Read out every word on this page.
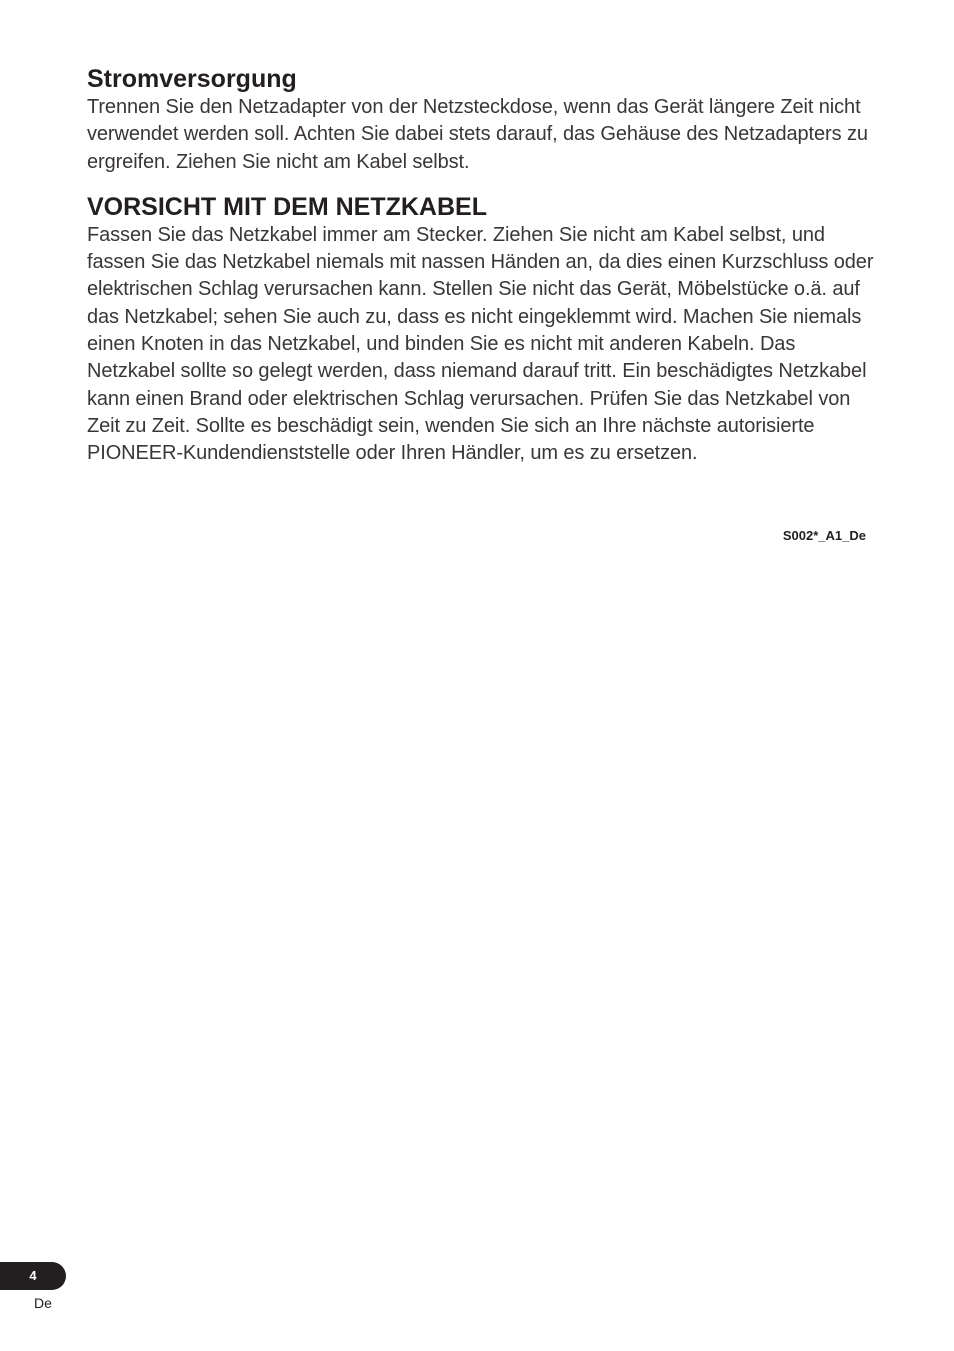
Stromversorgung

Trennen Sie den Netzadapter von der Netzsteckdose, wenn das Gerät längere Zeit nicht verwendet werden soll. Achten Sie dabei stets darauf, das Gehäuse des Netzadapters zu ergreifen. Ziehen Sie nicht am Kabel selbst.

VORSICHT MIT DEM NETZKABEL

Fassen Sie das Netzkabel immer am Stecker. Ziehen Sie nicht am Kabel selbst, und fassen Sie das Netzkabel niemals mit nassen Händen an, da dies einen Kurzschluss oder elektrischen Schlag verursachen kann. Stellen Sie nicht das Gerät, Möbelstücke o.ä. auf das Netzkabel; sehen Sie auch zu, dass es nicht eingeklemmt wird. Machen Sie niemals einen Knoten in das Netzkabel, und binden Sie es nicht mit anderen Kabeln. Das Netzkabel sollte so gelegt werden, dass niemand darauf tritt. Ein beschädigtes Netzkabel kann einen Brand oder elektrischen Schlag verursachen. Prüfen Sie das Netzkabel von Zeit zu Zeit. Sollte es beschädigt sein, wenden Sie sich an Ihre nächste autorisierte PIONEER-Kundendienststelle oder Ihren Händler, um es zu ersetzen.

S002*_A1_De
4
De
